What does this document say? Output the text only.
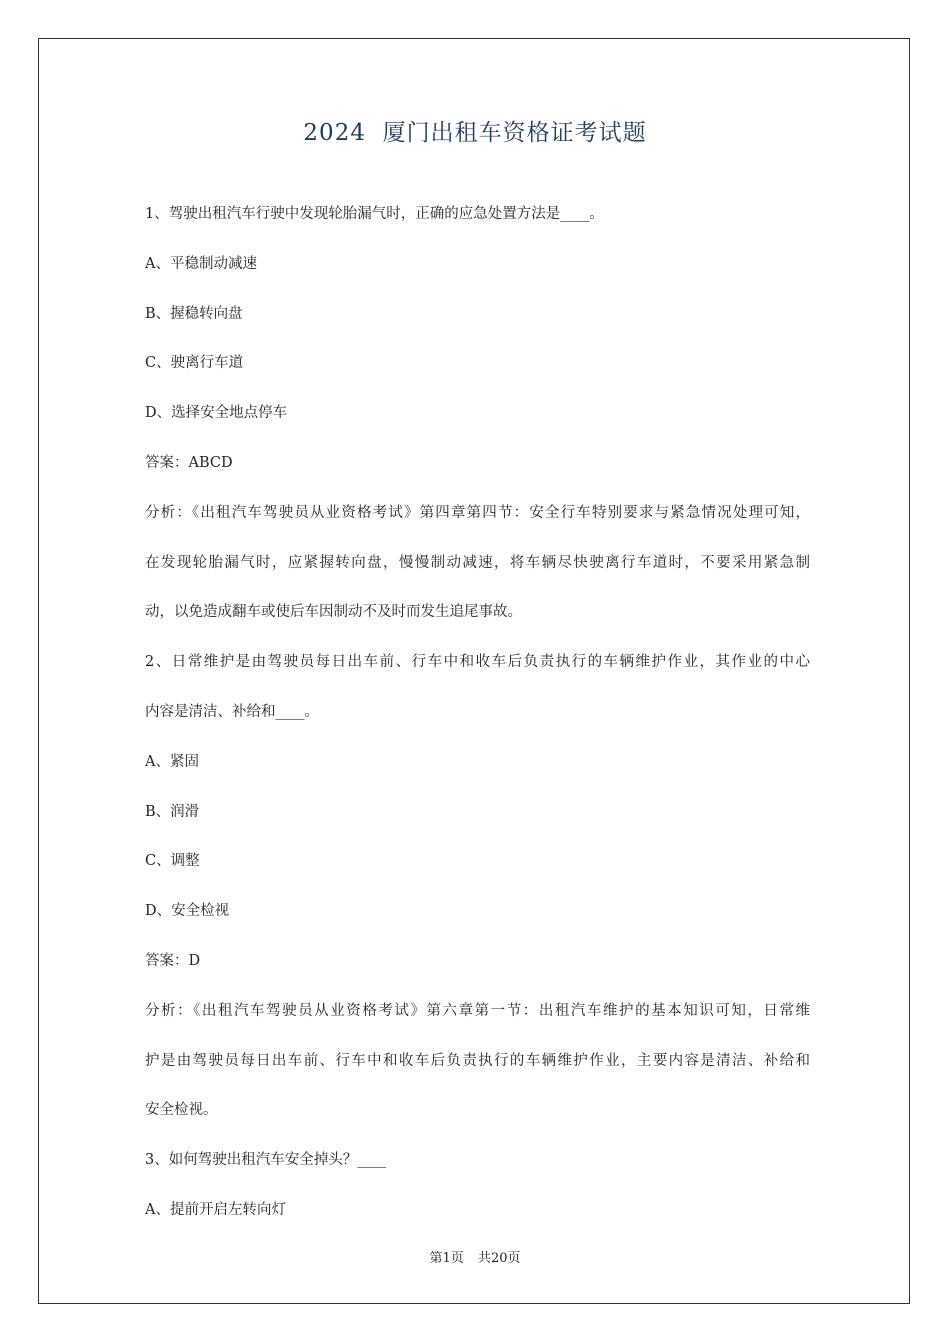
2024  厦门出租车资格证考试题
1、驾驶出租汽车行驶中发现轮胎漏气时，正确的应急处置方法是____。
A、平稳制动减速
B、握稳转向盘
C、驶离行车道
D、选择安全地点停车
答案：ABCD
分析：《出租汽车驾驶员从业资格考试》第四章第四节：安全行车特别要求与紧急情况处理可知，
在发现轮胎漏气时，应紧握转向盘，慢慢制动减速，将车辆尽快驶离行车道时，不要采用紧急制
动，以免造成翻车或使后车因制动不及时而发生追尾事故。
2、日常维护是由驾驶员每日出车前、行车中和收车后负责执行的车辆维护作业，其作业的中心
内容是清洁、补给和____。
A、紧固
B、润滑
C、调整
D、安全检视
答案：D
分析：《出租汽车驾驶员从业资格考试》第六章第一节：出租汽车维护的基本知识可知，日常维
护是由驾驶员每日出车前、行车中和收车后负责执行的车辆维护作业，主要内容是清洁、补给和
安全检视。
3、如何驾驶出租汽车安全掉头？____
A、提前开启左转向灯
第1页 共20页
